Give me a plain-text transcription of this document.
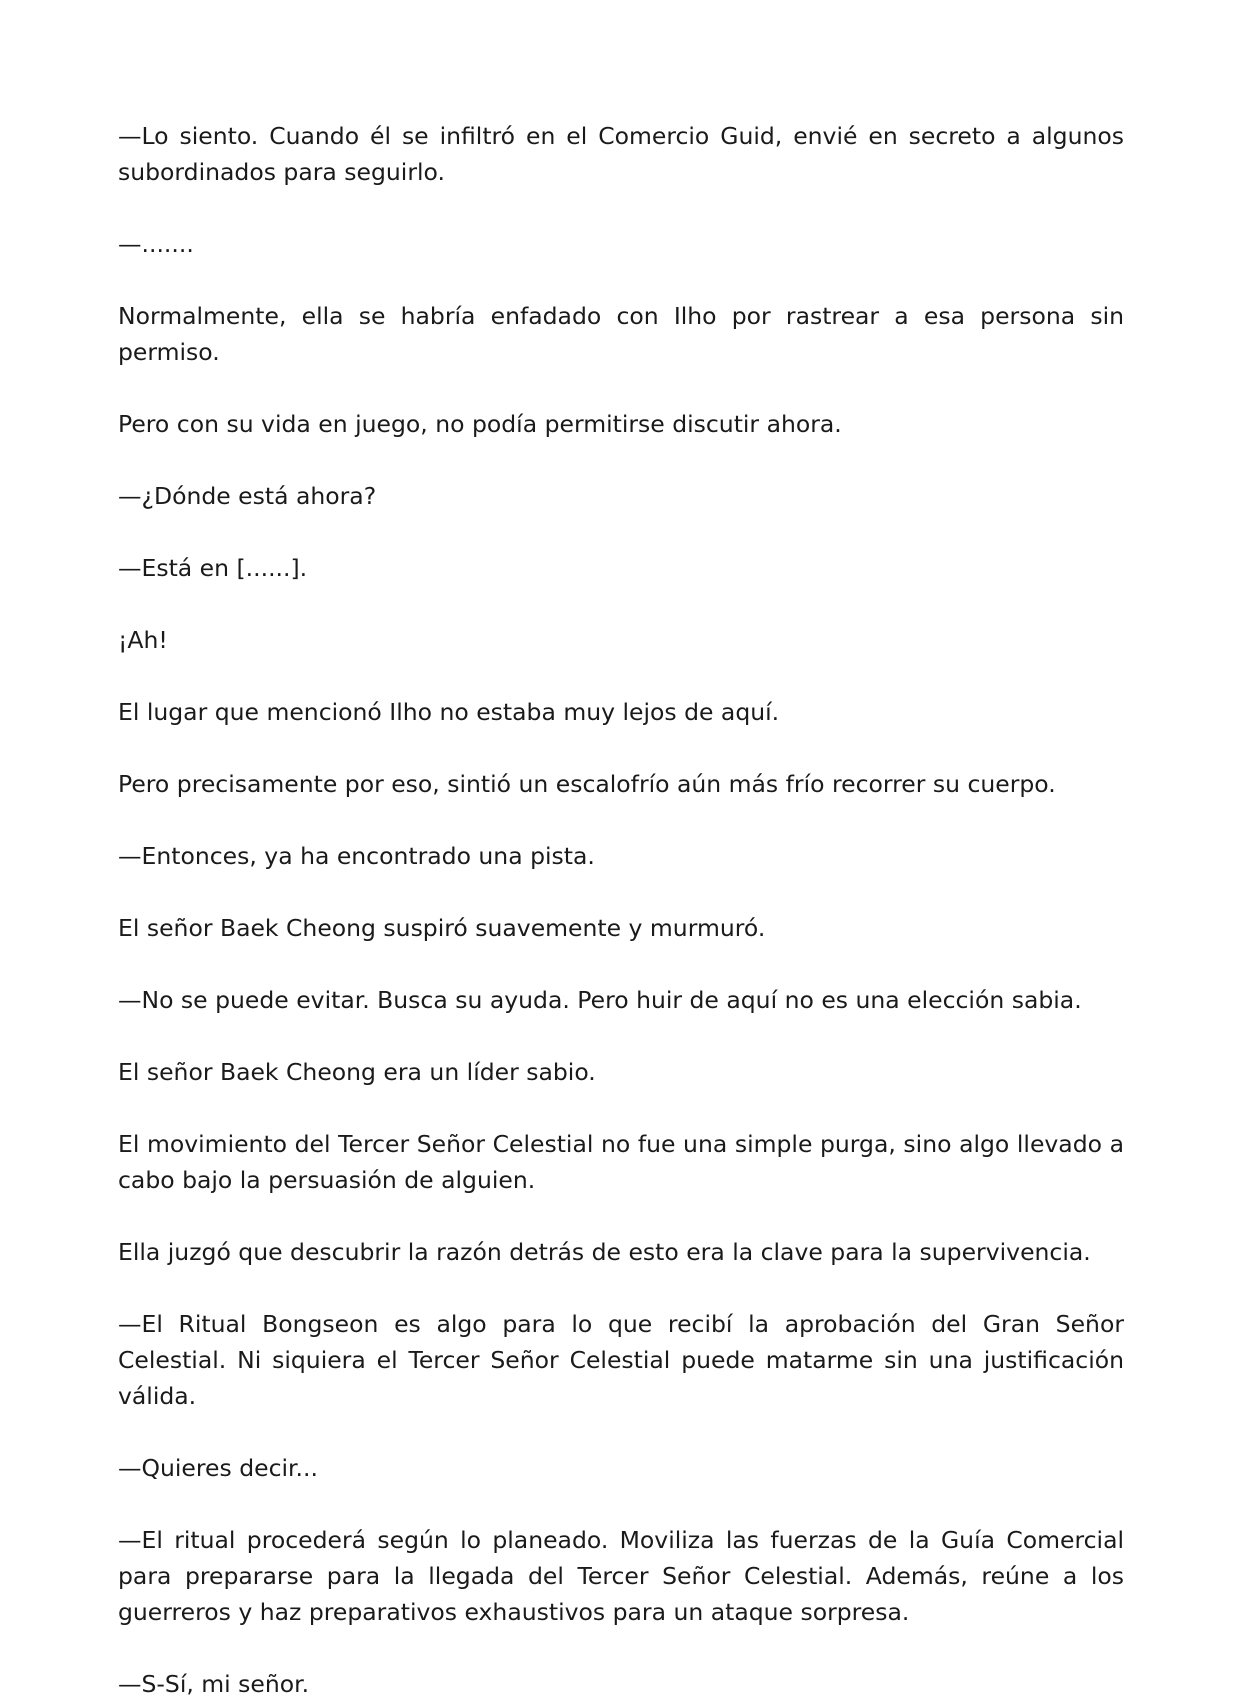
—Lo siento. Cuando él se infiltró en el Comercio Guid, envié en secreto a algunos subordinados para seguirlo.

—.......

Normalmente, ella se habría enfadado con Ilho por rastrear a esa persona sin permiso.

Pero con su vida en juego, no podía permitirse discutir ahora.

—¿Dónde está ahora?

—Está en [......].

¡Ah!

El lugar que mencionó Ilho no estaba muy lejos de aquí.

Pero precisamente por eso, sintió un escalofrío aún más frío recorrer su cuerpo.

—Entonces, ya ha encontrado una pista.

El señor Baek Cheong suspiró suavemente y murmuró.

—No se puede evitar. Busca su ayuda. Pero huir de aquí no es una elección sabia.

El señor Baek Cheong era un líder sabio.

El movimiento del Tercer Señor Celestial no fue una simple purga, sino algo llevado a cabo bajo la persuasión de alguien.

Ella juzgó que descubrir la razón detrás de esto era la clave para la supervivencia.

—El Ritual Bongseon es algo para lo que recibí la aprobación del Gran Señor Celestial. Ni siquiera el Tercer Señor Celestial puede matarme sin una justificación válida.

—Quieres decir...

—El ritual procederá según lo planeado. Moviliza las fuerzas de la Guía Comercial para prepararse para la llegada del Tercer Señor Celestial. Además, reúne a los guerreros y haz preparativos exhaustivos para un ataque sorpresa.

—S-Sí, mi señor.
